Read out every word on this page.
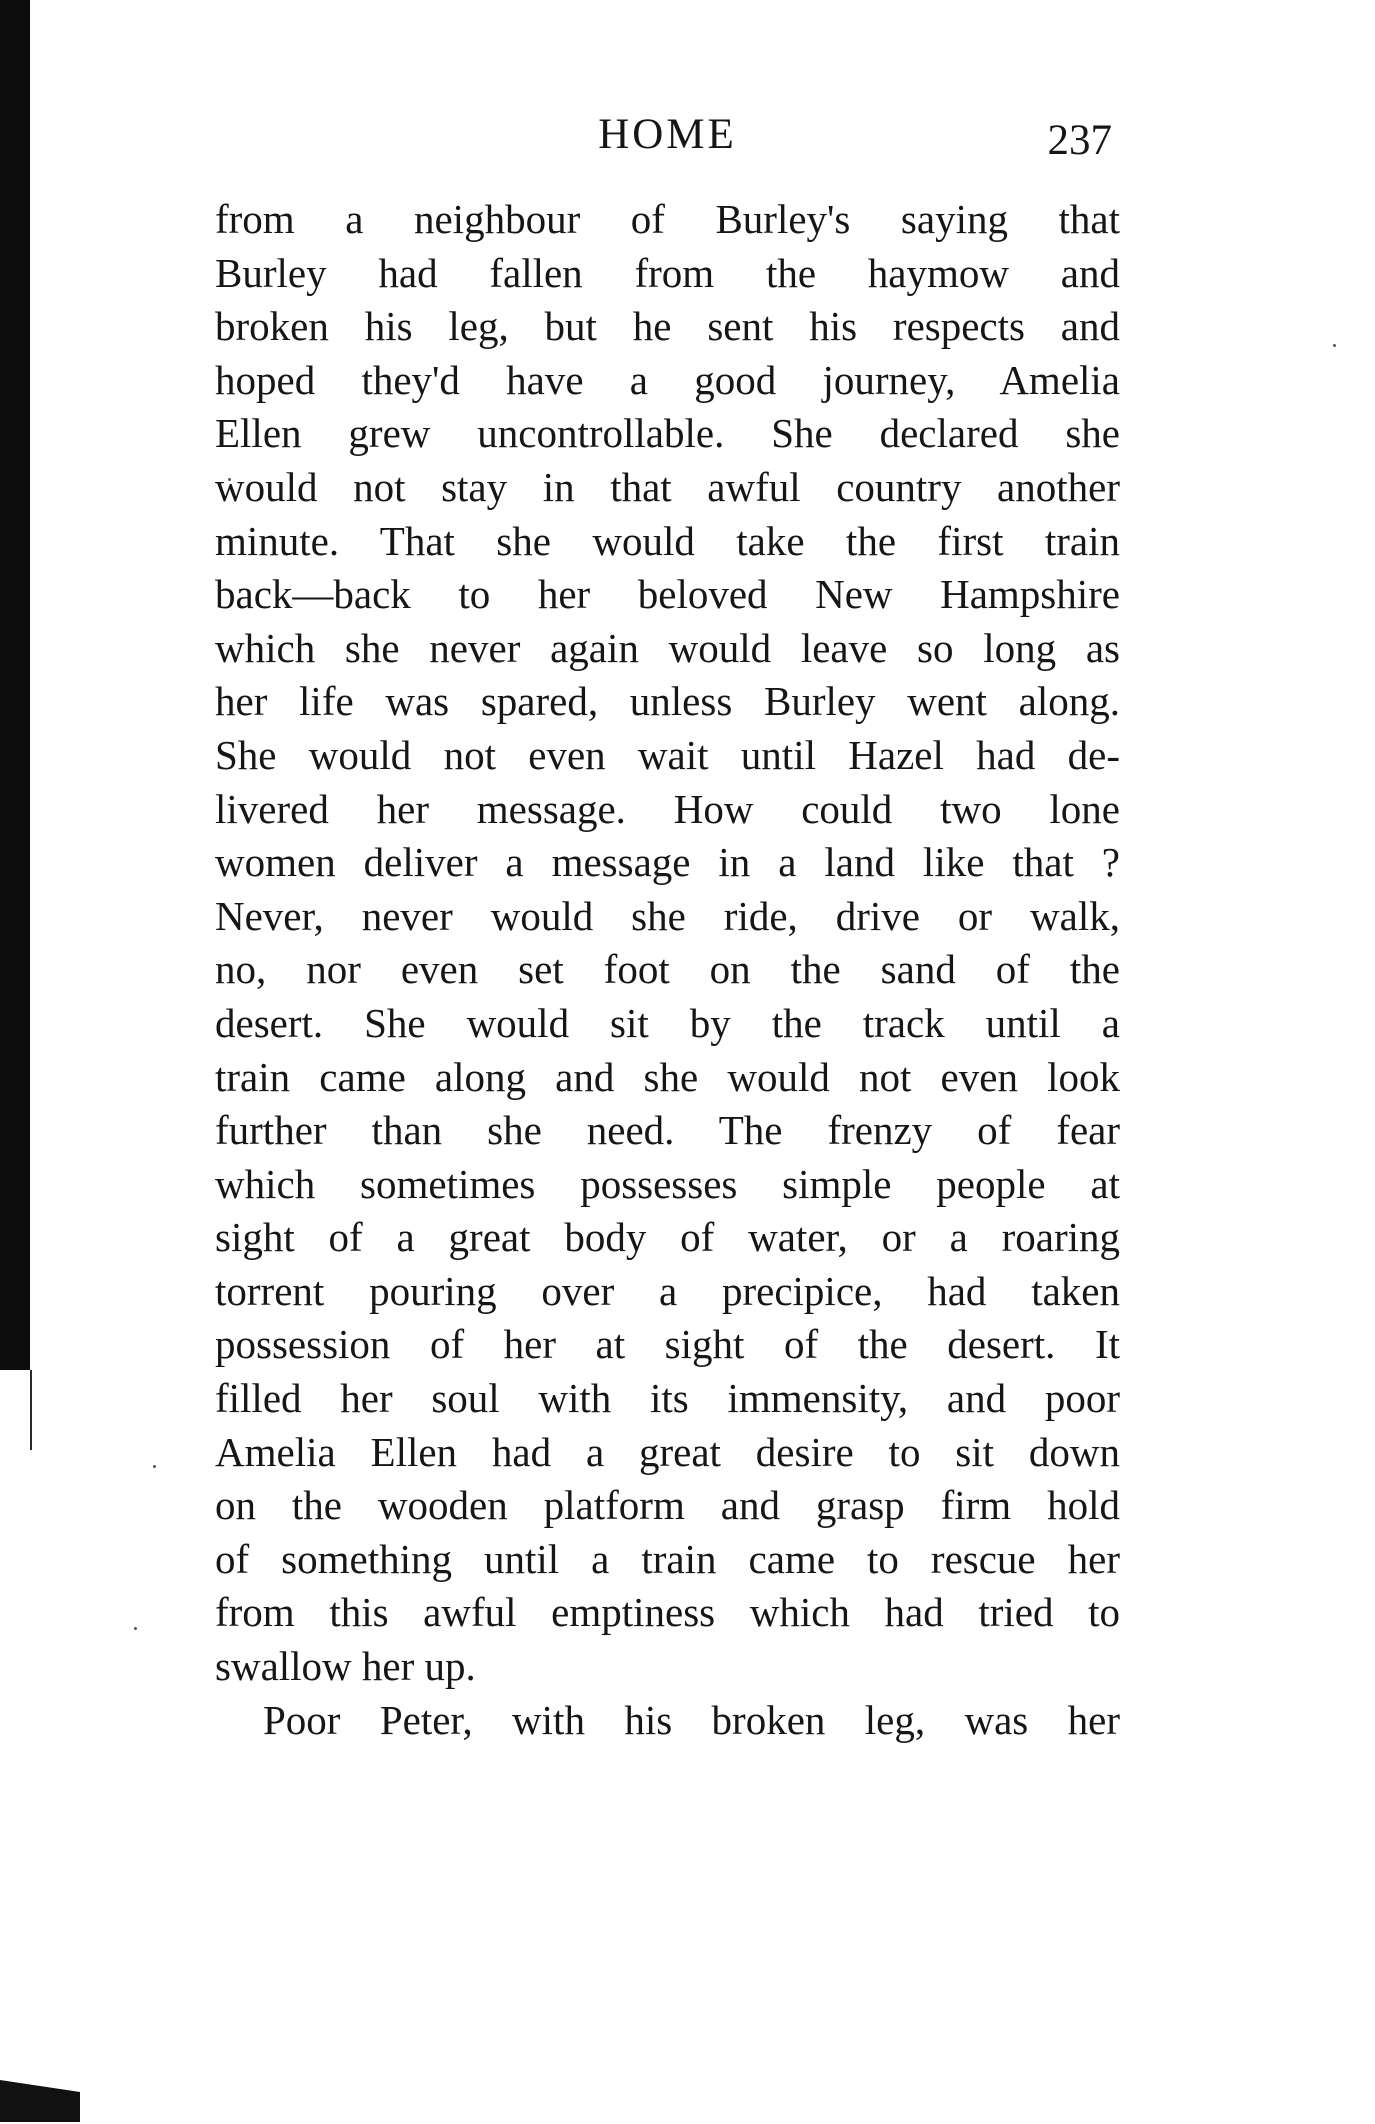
HOME	237
from a neighbour of Burley's saying that
Burley had fallen from the haymow and
broken his leg, but he sent his respects and
hoped they'd have a good journey, Amelia
Ellen grew uncontrollable. She declared she
would not stay in that awful country another
minute. That she would take the first train
back—back to her beloved New Hampshire
which she never again would leave so long as
her life was spared, unless Burley went along.
She would not even wait until Hazel had de-
livered her message. How could two lone
women deliver a message in a land like that ?
Never, never would she ride, drive or walk,
no, nor even set foot on the sand of the
desert. She would sit by the track until a
train came along and she would not even look
further than she need. The frenzy of fear
which sometimes possesses simple people at
sight of a great body of water, or a roaring
torrent pouring over a precipice, had taken
possession of her at sight of the desert. It
filled her soul with its immensity, and poor
Amelia Ellen had a great desire to sit down
on the wooden platform and grasp firm hold
of something until a train came to rescue her
from this awful emptiness which had tried to
swallow her up.
Poor Peter, with his broken leg, was her
